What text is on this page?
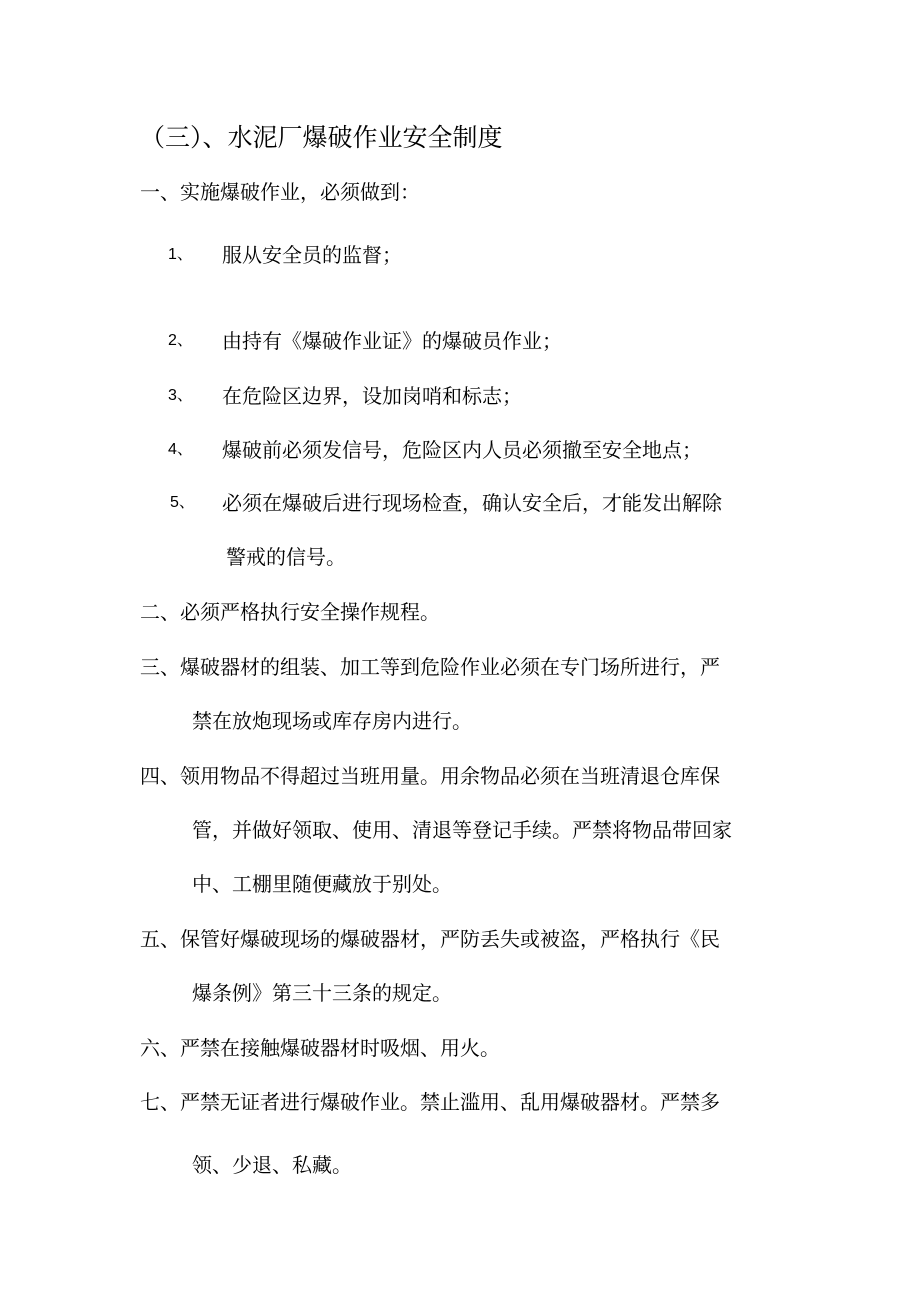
（三）、水泥厂爆破作业安全制度
一、实施爆破作业，必须做到：
1、 服从安全员的监督；
2、 由持有《爆破作业证》的爆破员作业；
3、 在危险区边界，设加岗哨和标志；
4、 爆破前必须发信号，危险区内人员必须撤至安全地点；
5、 必须在爆破后进行现场检查，确认安全后，才能发出解除
警戒的信号。
二、必须严格执行安全操作规程。
三、爆破器材的组装、加工等到危险作业必须在专门场所进行，严
禁在放炮现场或库存房内进行。
四、领用物品不得超过当班用量。用余物品必须在当班清退仓库保
管，并做好领取、使用、清退等登记手续。严禁将物品带回家
中、工棚里随便藏放于别处。
五、保管好爆破现场的爆破器材，严防丢失或被盗，严格执行《民
爆条例》第三十三条的规定。
六、严禁在接触爆破器材时吸烟、用火。
七、严禁无证者进行爆破作业。禁止滥用、乱用爆破器材。严禁多
领、少退、私藏。
